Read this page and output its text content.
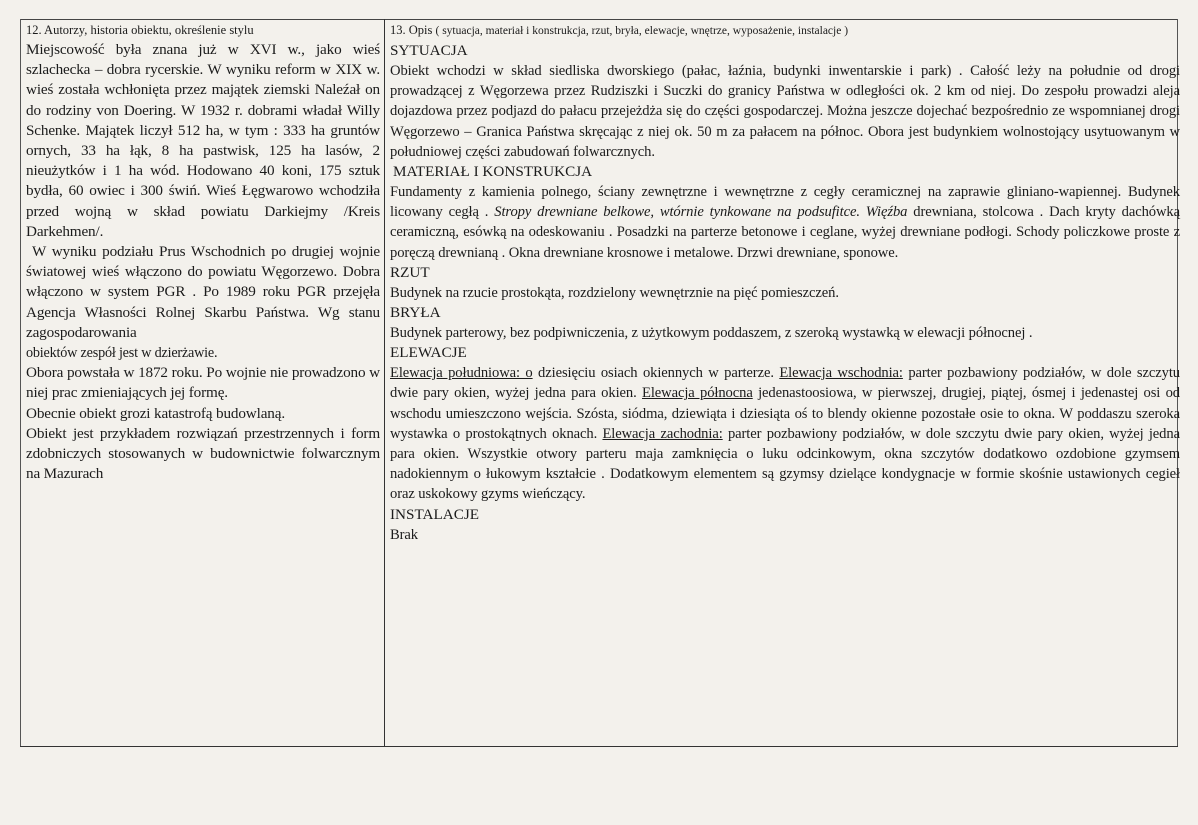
12. Autorzy, historia obiektu, określenie stylu

Miejscowość była znana już w XVI w., jako wieś szlachecka – dobra rycerskie. W wyniku reform w XIX w. wieś została wchłonięta przez majątek ziemski Naleźał on do rodziny von Doering. W 1932 r. dobrami władał Willy Schenke. Majątek liczył 512 ha, w tym : 333 ha gruntów ornych, 33 ha łąk, 8 ha pastwisk, 125 ha lasów, 2 nieużytków i 1 ha wód. Hodowano 40 koni, 175 sztuk bydła, 60 owiec i 300 świń. Wieś Łęgwarowo wchodziła przed wojną w skład powiatu Darkiejmy /Kreis Darkehmen/.

W wyniku podziału Prus Wschodnich po drugiej wojnie światowej wieś włączono do powiatu Węgorzewo. Dobra włączono w system PGR . Po 1989 roku PGR przejęła Agencja Własności Rolnej Skarbu Państwa. Wg stanu zagospodarowania

obiektów zespół jest w dzierżawie.

Obora powstała w 1872 roku. Po wojnie nie prowadzono w niej prac zmieniających jej formę.

Obecnie obiekt grozi katastrofą budowlaną.

Obiekt jest przykładem rozwiązań przestrzennych i form zdobniczych stosowanych w budownictwie folwarcznym na Mazurach

13. Opis ( sytuacja, materiał i konstrukcja, rzut, bryła, elewacje, wnętrze, wyposażenie, instalacje )

SYTUACJA

Obiekt wchodzi w skład siedliska dworskiego (pałac, łaźnia, budynki inwentarskie i park) . Całość leży na południe od drogi prowadzącej z Węgorzewa przez Rudziszki i Suczki do granicy Państwa w odległości ok. 2 km od niej. Do zespołu prowadzi aleja dojazdowa przez podjazd do pałacu przejeżdża się do części gospodarczej. Można jeszcze dojechać bezpośrednio ze wspomnianej drogi Węgorzewo – Granica Państwa skręcając z niej ok. 50 m za pałacem na północ. Obora jest budynkiem wolnostojący usytuowanym w południowej części zabudowań folwarcznych.

MATERIAŁ I KONSTRUKCJA

Fundamenty z kamienia polnego, ściany zewnętrzne i wewnętrzne z cegły ceramicznej na zaprawie gliniano-wapiennej. Budynek licowany cegłą . Stropy drewniane belkowe, wtórnie tynkowane na podsufitce. Więźba drewniana, stolcowa . Dach kryty dachówką ceramiczną, esówką na odeskowaniu . Posadzki na parterze betonowe i ceglane, wyżej drewniane podłogi. Schody policzkowe proste z poręczą drewnianą . Okna drewniane krosnowe i metalowe. Drzwi drewniane, sponowe.

RZUT

Budynek na rzucie prostokąta, rozdzielony wewnętrznie na pięć pomieszczeń.

BRYŁA

Budynek parterowy, bez podpiwniczenia, z użytkowym poddaszem, z szeroką wystawką w elewacji północnej .

ELEWACJE

Elewacja południowa: o dziesięciu osiach okiennych w parterze. Elewacja wschodnia: parter pozbawiony podziałów, w dole szczytu dwie pary okien, wyżej jedna para okien. Elewacja północna jedenastoosiowa, w pierwszej, drugiej, piątej, ósmej i jedenastej osi od wschodu umieszczono wejścia. Szósta, siódma, dziewiąta i dziesiąta oś to blendy okienne pozostałe osie to okna. W poddaszu szeroka wystawka o prostokątnych oknach. Elewacja zachodnia: parter pozbawiony podziałów, w dole szczytu dwie pary okien, wyżej jedna para okien. Wszystkie otwory parteru maja zamknięcia o luku odcinkowym, okna szczytów dodatkowo ozdobione gzymsem nadokiennym o łukowym kształcie . Dodatkowym elementem są gzymsy dzielące kondygnacje w formie skośnie ustawionych cegieł oraz uskokowy gzyms wieńczący.

INSTALACJE

Brak
